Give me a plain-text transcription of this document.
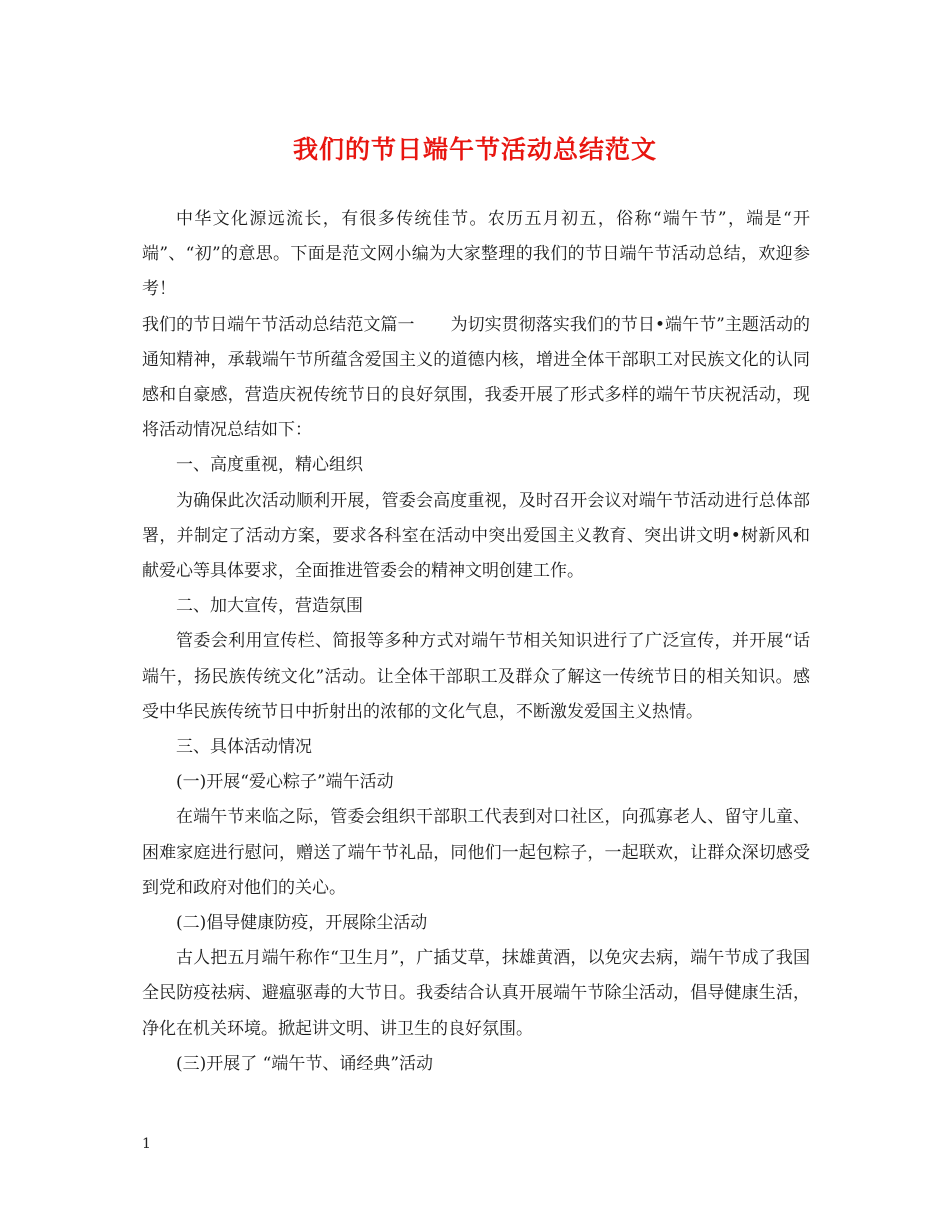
我们的节日端午节活动总结范文

中华文化源远流长，有很多传统佳节。农历五月初五，俗称“端午节”，端是“开端”、“初”的意思。下面是范文网小编为大家整理的我们的节日端午节活动总结，欢迎参考！

我们的节日端午节活动总结范文篇一 为切实贯彻落实我们的节日•端午节”主题活动的通知精神，承载端午节所蕴含爱国主义的道德内核，增进全体干部职工对民族文化的认同感和自豪感，营造庆祝传统节日的良好氛围，我委开展了形式多样的端午节庆祝活动，现将活动情况总结如下：

一、高度重视，精心组织

为确保此次活动顺利开展，管委会高度重视，及时召开会议对端午节活动进行总体部署，并制定了活动方案，要求各科室在活动中突出爱国主义教育、突出讲文明•树新风和献爱心等具体要求，全面推进管委会的精神文明创建工作。

二、加大宣传，营造氛围

管委会利用宣传栏、简报等多种方式对端午节相关知识进行了广泛宣传，并开展“话端午，扬民族传统文化”活动。让全体干部职工及群众了解这一传统节日的相关知识。感受中华民族传统节日中折射出的浓郁的文化气息，不断激发爱国主义热情。

三、具体活动情况

(一)开展“爱心粽子”端午活动

在端午节来临之际，管委会组织干部职工代表到对口社区，向孤寡老人、留守儿童、困难家庭进行慰问，赠送了端午节礼品，同他们一起包粽子，一起联欢，让群众深切感受到党和政府对他们的关心。

(二)倡导健康防疫，开展除尘活动

古人把五月端午称作“卫生月”，广插艾草，抹雄黄酒，以免灾去病，端午节成了我国全民防疫祛病、避瘟驱毒的大节日。我委结合认真开展端午节除尘活动，倡导健康生活，净化在机关环境。掀起讲文明、讲卫生的良好氛围。

(三)开展了 “端午节、诵经典”活动

1
